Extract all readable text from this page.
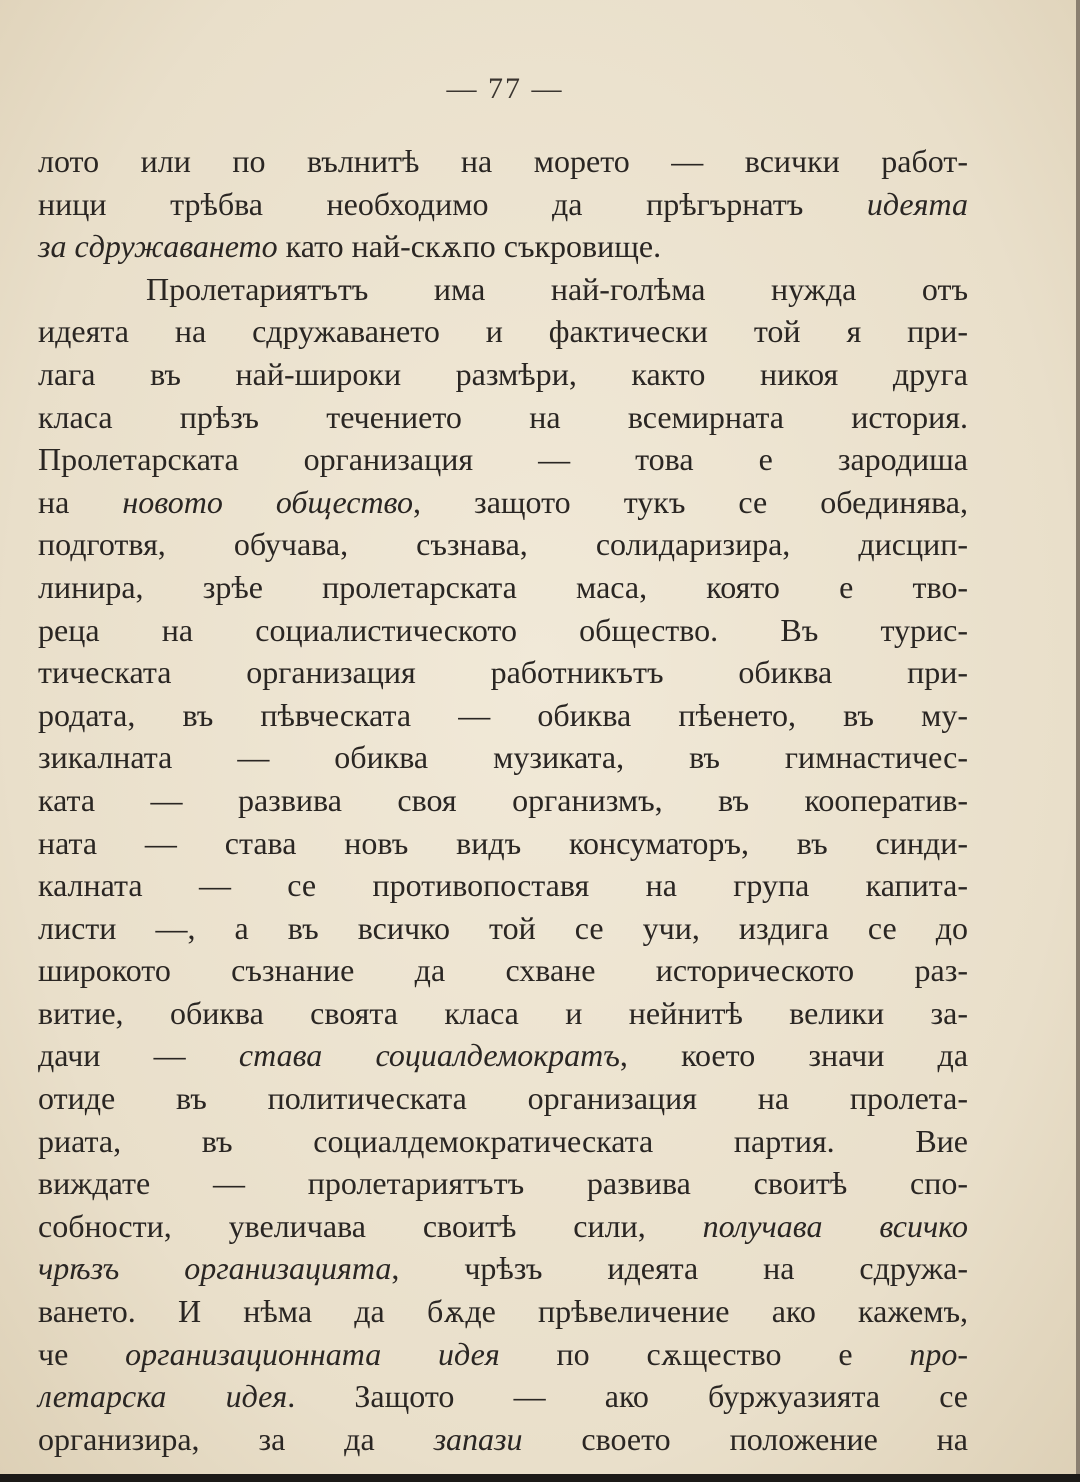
— 77 —
лото или по вълнитѣ на морето — всички работ-
ници трѣбва необходимо да прѣгърнатъ идеята
за сдружаването като най-скѫпо съкровище.
Пролетариятътъ има най-голѣма нужда отъ
идеята на сдружаването и фактически той я при-
лага въ най-широки размѣри, както никоя друга
класа прѣзъ течението на всемирната история.
Пролетарската организация — това е зародиша
на новото общество, защото тукъ се обединява,
подготвя, обучава, съзнава, солидаризира, дисцип-
линира, зрѣе пролетарската маса, която е тво-
реца на социалистическото общество. Въ турис-
тическата организация работникътъ обиква при-
родата, въ пѣвческата — обиква пѣенето, въ му-
зикалната — обиква музиката, въ гимнастичес-
ката — развива своя организмъ, въ кооператив-
ната — става новъ видъ консуматоръ, въ синди-
калната — се противопоставя на група капита-
листи —, а въ всичко той се учи, издига се до
широкото съзнание да схване историческото раз-
витие, обиква своята класа и нейнитѣ велики за-
дачи — става социалдемократъ, което значи да
отиде въ политическата организация на пролета-
риата, въ социалдемократическата партия. Вие
виждате — пролетариятътъ развива своитѣ спо-
собности, увеличава своитѣ сили, получава всичко
чрѣзъ организацията, чрѣзъ идеята на сдружа-
ването. И нѣма да бѫде прѣвеличение ако кажемъ,
че организационната идея по сѫщество е про-
летарска идея. Защото — ако буржуазията се
организира, за да запази своето положение на
